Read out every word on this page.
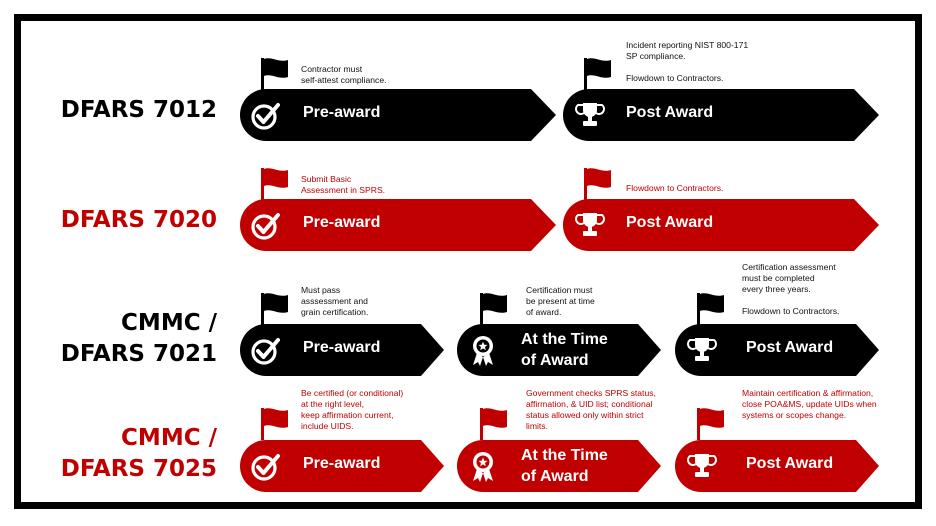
DFARS 7012
Contractor must
self-attest compliance.
Pre-award
Incident reporting NIST 800-171
SP compliance.

Flowdown to Contractors.
Post Award
DFARS 7020
Submit Basic
Assessment in SPRS.
Pre-award
Flowdown to Contractors.
Post Award
CMMC /
DFARS 7021
Must pass
asssessment and
grain certification.
Pre-award
Certification must
be present at time
of award.
At the Time
of Award
Certification assessment
must be completed
every three years.

Flowdown to Contractors.
Post Award
CMMC /
DFARS 7025
Be certified (or conditional)
at the right level,
keep affirmation current,
include UIDS.
Pre-award
Government checks SPRS status,
affirmation, & UID list; conditional
status allowed only within strict
limits.
At the Time
of Award
Maintain certification & affirmation,
close POA&MS, update UIDs when
systems or scopes change.
Post Award
